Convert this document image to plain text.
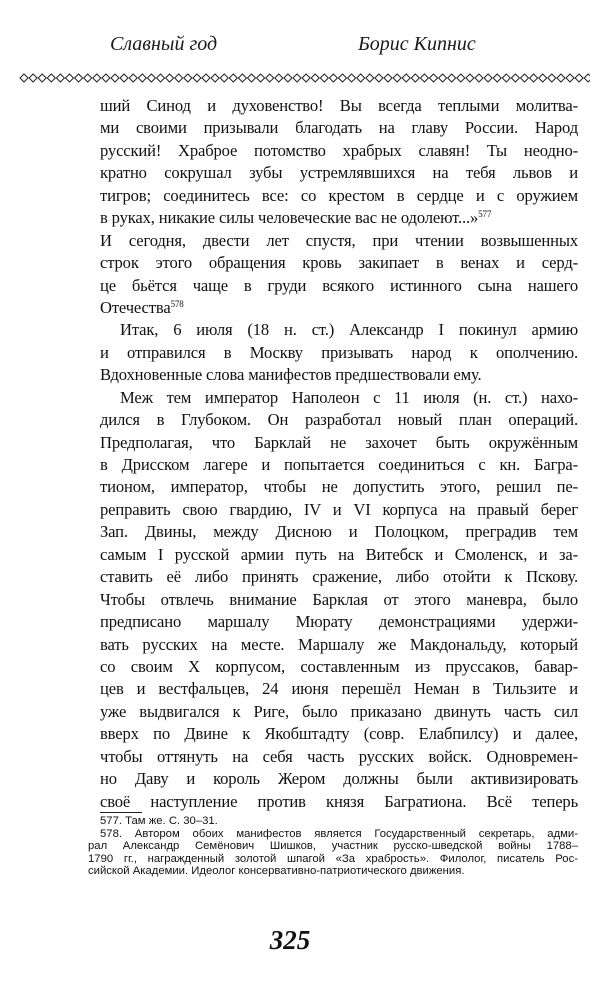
Славный год	Борис Кипнис
ший Синод и духовенство! Вы всегда теплыми молитва-
ми своими призывали благодать на главу России. Народ
русский! Храброе потомство храбрых славян! Ты неодно-
кратно сокрушал зубы устремлявшихся на тебя львов и
тигров; соединитесь все: со крестом в сердце и с оружием
в руках, никакие силы человеческие вас не одолеют...»$^{577}$
И сегодня, двести лет спустя, при чтении возвышенных
строк этого обращения кровь закипает в венах и серд-
це бьётся чаще в груди всякого истинного сына нашего
Отечества$^{578}$
Итак, 6 июля (18 н. ст.) Александр I покинул армию
и отправился в Москву призывать народ к ополчению.
Вдохновенные слова манифестов предшествовали ему.
Меж тем император Наполеон с 11 июля (н. ст.) нахо-
дился в Глубоком. Он разработал новый план операций.
Предполагая, что Барклай не захочет быть окружённым
в Дрисском лагере и попытается соединиться с кн. Багра-
тионом, император, чтобы не допустить этого, решил пе-
реправить свою гвардию, IV и VI корпуса на правый берег
Зап. Двины, между Дисною и Полоцком, преградив тем
самым I русской армии путь на Витебск и Смоленск, и за-
ставить её либо принять сражение, либо отойти к Пскову.
Чтобы отвлечь внимание Барклая от этого маневра, было
предписано маршалу Мюрату демонстрациями удержи-
вать русских на месте. Маршалу же Макдональду, который
со своим X корпусом, составленным из пруссаков, бавар-
цев и вестфальцев, 24 июня перешёл Неман в Тильзите и
уже выдвигался к Риге, было приказано двинуть часть сил
вверх по Двине к Якобштадту (совр. Елабпилсу) и далее,
чтобы оттянуть на себя часть русских войск. Одновремен-
но Даву и король Жером должны были активизировать
своё наступление против князя Багратиона. Всё теперь
577. Там же. С. 30–31.
578. Автором обоих манифестов является Государственный секретарь, адми-
рал Александр Семёнович Шишков, участник русско-шведской войны 1788–
1790 гг., награжденный золотой шпагой «За храбрость». Филолог, писатель Рос-
сийской Академии. Идеолог консервативно-патриотического движения.
325
